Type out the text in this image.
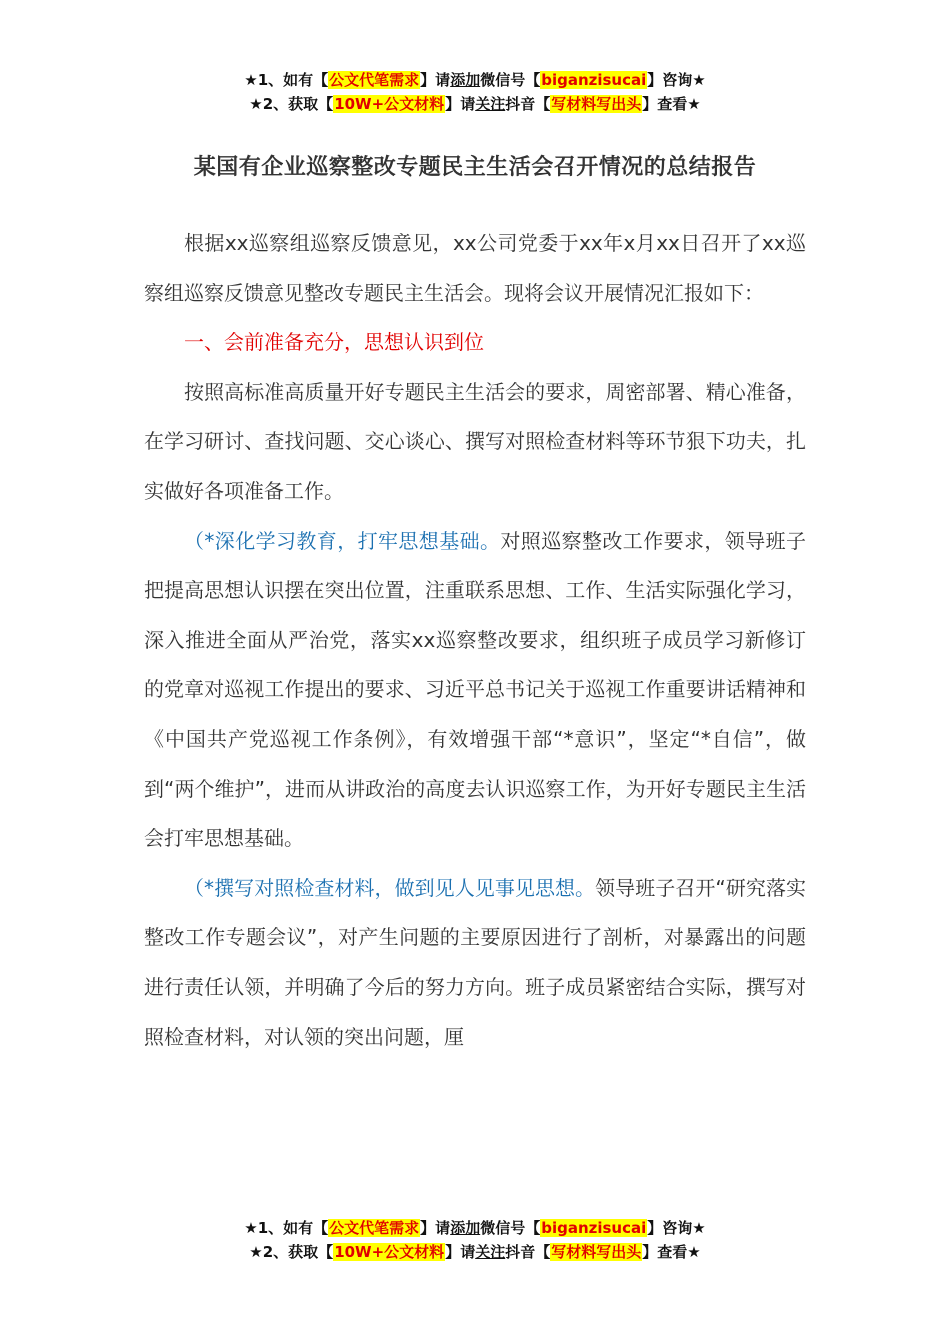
★1、如有【公文代笔需求】请添加微信号【biganzisucai】咨询★
★2、获取【10W+公文材料】请关注抖音【写材料写出头】查看★
某国有企业巡察整改专题民主生活会召开情况的总结报告

根据xx巡察组巡察反馈意见，xx公司党委于xx年x月xx日召开了xx巡察组巡察反馈意见整改专题民主生活会。现将会议开展情况汇报如下：

一、会前准备充分，思想认识到位

按照高标准高质量开好专题民主生活会的要求，周密部署、精心准备，在学习研讨、查找问题、交心谈心、撰写对照检查材料等环节狠下功夫，扎实做好各项准备工作。

（*深化学习教育，打牢思想基础。对照巡察整改工作要求，领导班子把提高思想认识摆在突出位置，注重联系思想、工作、生活实际强化学习，深入推进全面从严治党，落实xx巡察整改要求，组织班子成员学习新修订的党章对巡视工作提出的要求、习近平总书记关于巡视工作重要讲话精神和《中国共产党巡视工作条例》，有效增强干部“*意识”，坚定“*自信”，做到“两个维护”，进而从讲政治的高度去认识巡察工作，为开好专题民主生活会打牢思想基础。

（*撰写对照检查材料，做到见人见事见思想。领导班子召开“研究落实整改工作专题会议”，对产生问题的主要原因进行了剖析，对暴露出的问题进行责任认领，并明确了今后的努力方向。班子成员紧密结合实际，撰写对照检查材料，对认领的突出问题，厘

★1、如有【公文代笔需求】请添加微信号【biganzisucai】咨询★
★2、获取【10W+公文材料】请关注抖音【写材料写出头】查看★
